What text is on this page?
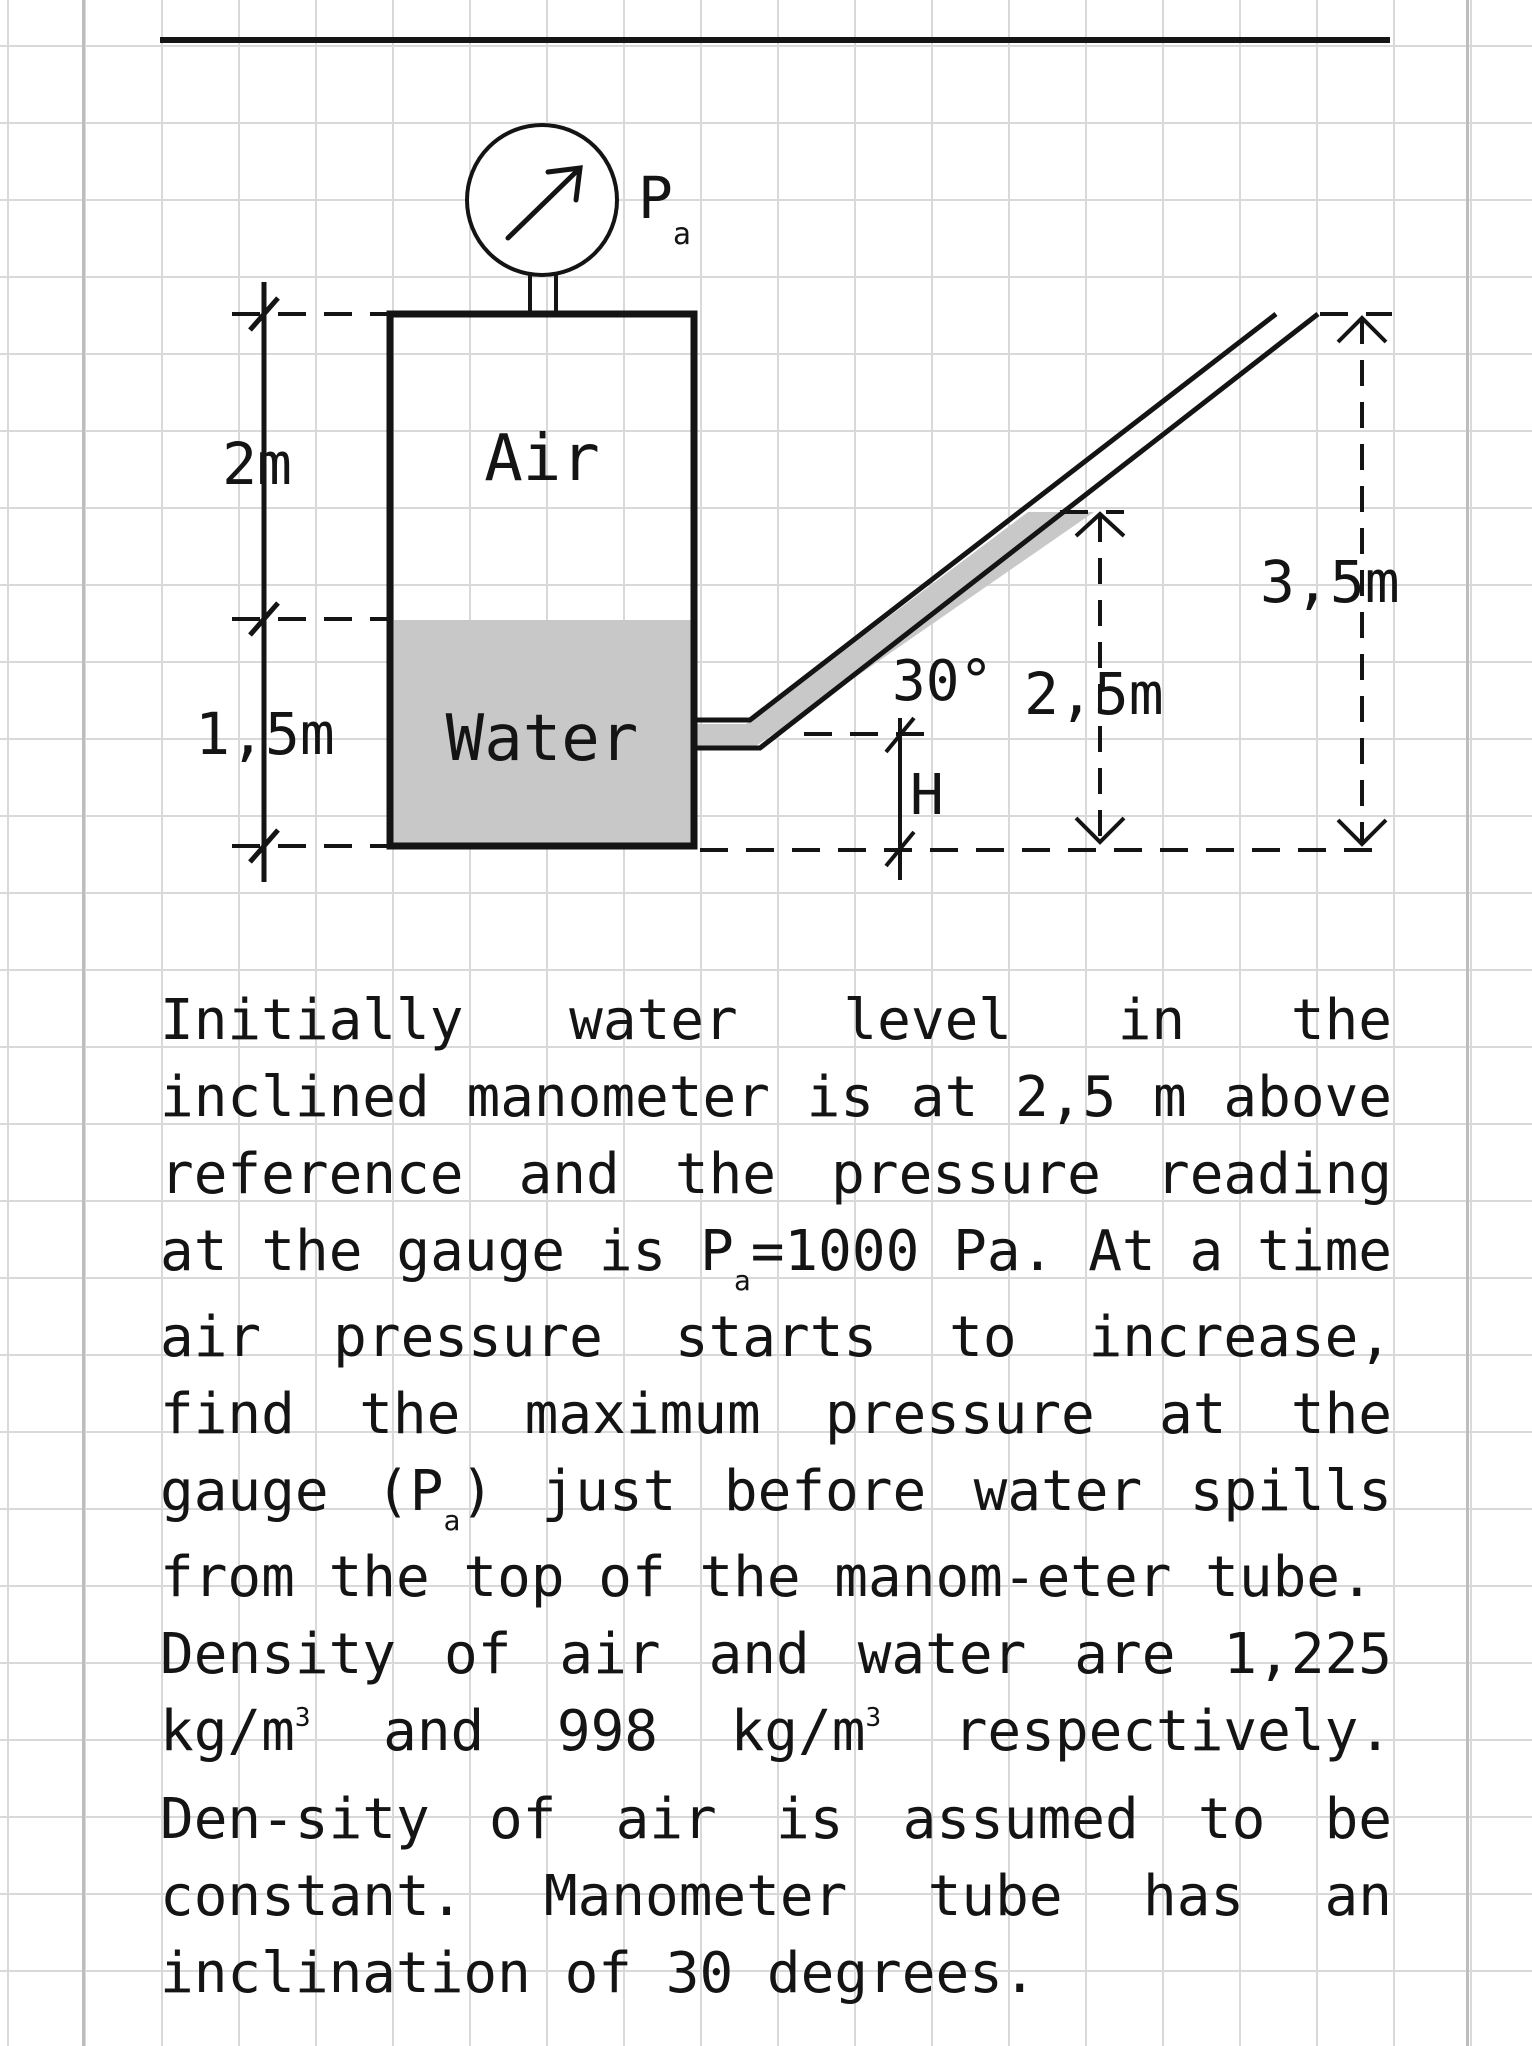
$P_a$
Air
Water
2m
1,5m
30° 2,5m
3,5m
H

Initially water level in the inclined manometer is at 2,5 m above reference and the pressure reading at the gauge is $P_a=1000$ Pa. At a time air pressure starts to increase, find the maximum pressure at the gauge $(P_a)$ just before water spills from the top of the manom-eter tube.

Density of air and water are 1,225 $kg/m^3$ and 998 $kg/m^3$ respectively. Den-sity of air is assumed to be constant. Manometer tube has an inclination of 30 degrees.
